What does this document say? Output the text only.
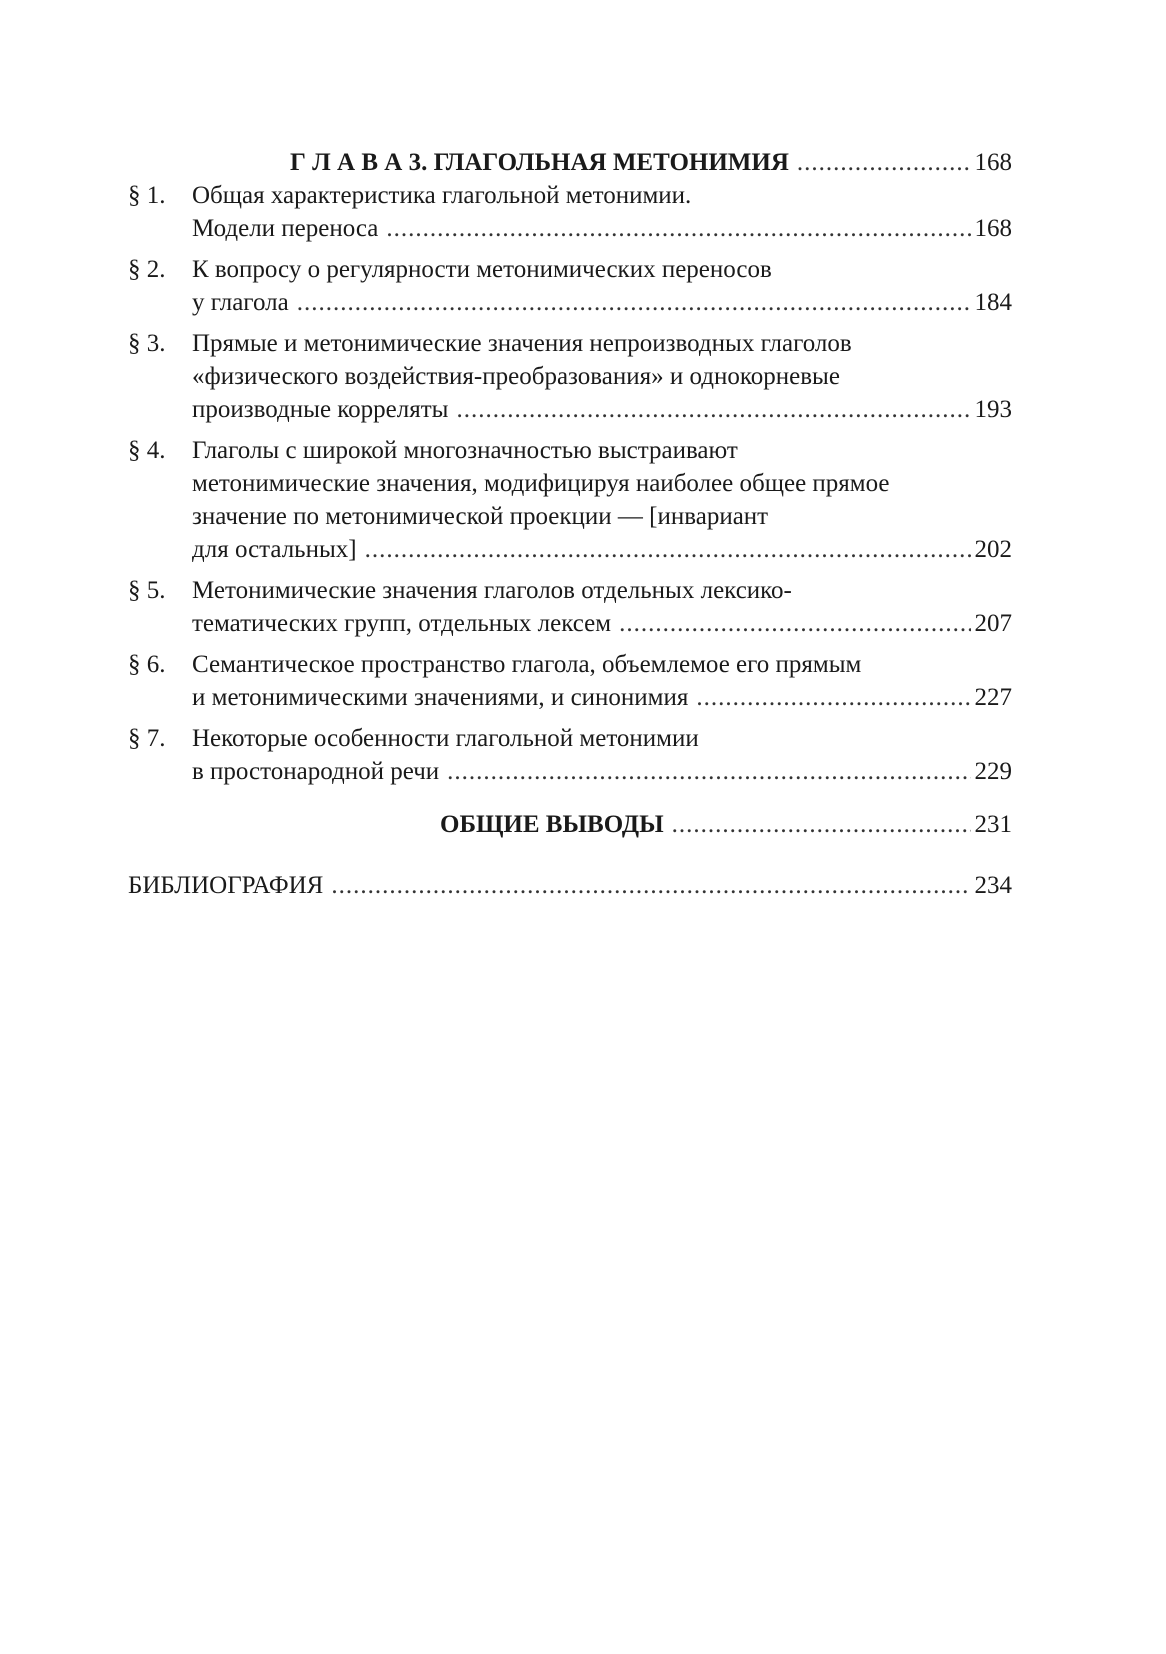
Г Л А В А 3. ГЛАГОЛЬНАЯ МЕТОНИМИЯ .....	168
§ 1.	Общая характеристика глагольной метонимии.
Модели переноса .....	168
§ 2.	К вопросу о регулярности метонимических переносов
у глагола .....	184
§ 3.	Прямые и метонимические значения непроизводных глаголов
«физического воздействия-преобразования» и однокорневые
производные корреляты .....	193
§ 4.	Глаголы с широкой многозначностью выстраивают
метонимические значения, модифицируя наиболее общее прямое
значение по метонимической проекции — [инвариант
для остальных] .....	202
§ 5.	Метонимические значения глаголов отдельных лексико-
тематических групп, отдельных лексем .....	207
§ 6.	Семантическое пространство глагола, объемлемое его прямым
и метонимическими значениями, и синонимия .....	227
§ 7.	Некоторые особенности глагольной метонимии
в простонародной речи .....	229
ОБЩИЕ ВЫВОДЫ .....	231
БИБЛИОГРАФИЯ .....	234
